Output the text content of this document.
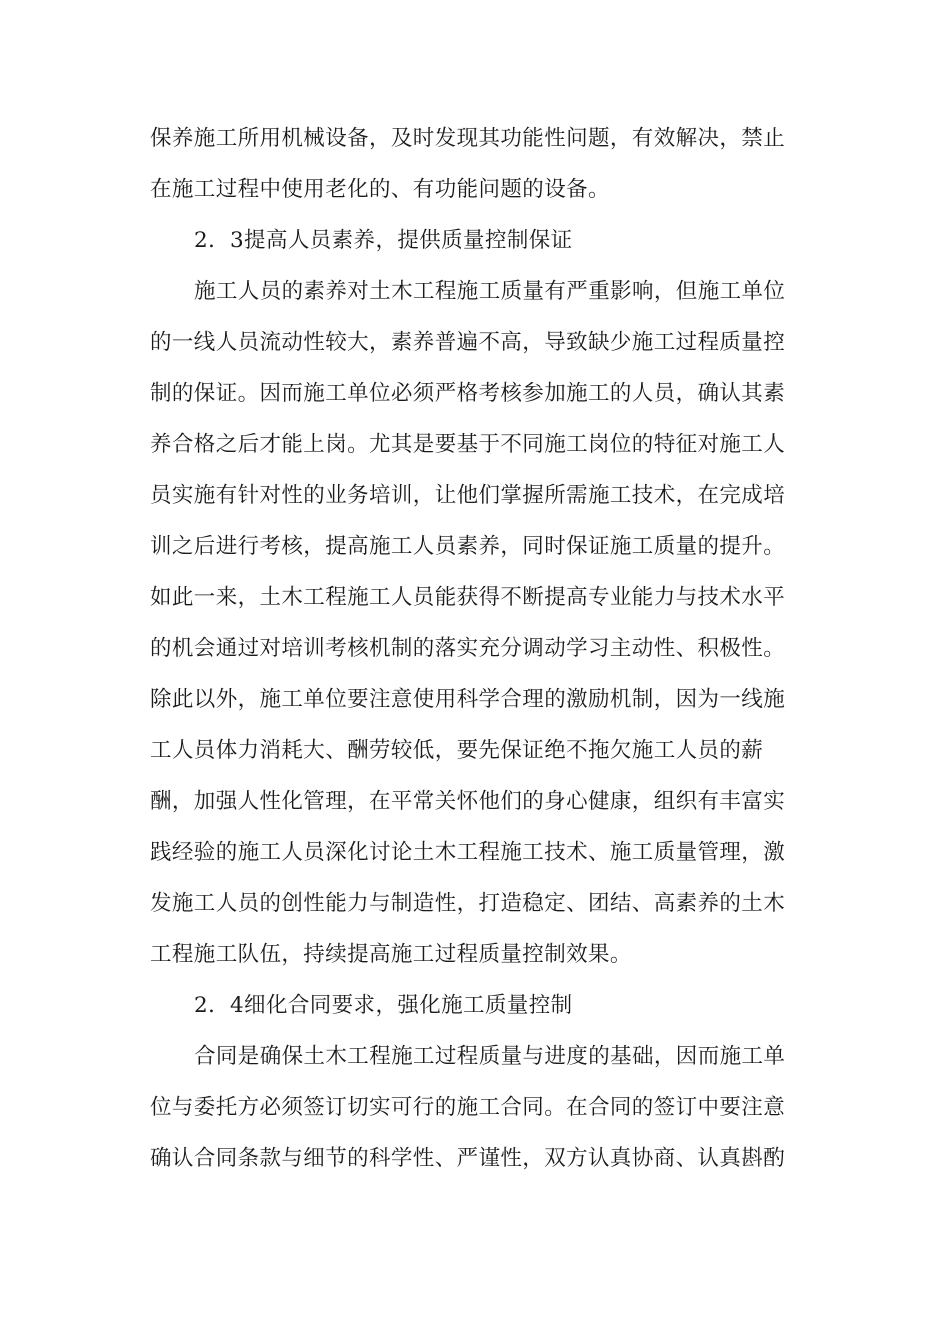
保养施工所用机械设备，及时发现其功能性问题，有效解决，禁止
在施工过程中使用老化的、有功能问题的设备。
2．3提高人员素养，提供质量控制保证
施工人员的素养对土木工程施工质量有严重影响，但施工单位
的一线人员流动性较大，素养普遍不高，导致缺少施工过程质量控
制的保证。因而施工单位必须严格考核参加施工的人员，确认其素
养合格之后才能上岗。尤其是要基于不同施工岗位的特征对施工人
员实施有针对性的业务培训，让他们掌握所需施工技术，在完成培
训之后进行考核，提高施工人员素养，同时保证施工质量的提升。
如此一来，土木工程施工人员能获得不断提高专业能力与技术水平
的机会通过对培训考核机制的落实充分调动学习主动性、积极性。
除此以外，施工单位要注意使用科学合理的激励机制，因为一线施
工人员体力消耗大、酬劳较低，要先保证绝不拖欠施工人员的薪
酬，加强人性化管理，在平常关怀他们的身心健康，组织有丰富实
践经验的施工人员深化讨论土木工程施工技术、施工质量管理，激
发施工人员的创性能力与制造性，打造稳定、团结、高素养的土木
工程施工队伍，持续提高施工过程质量控制效果。
2．4细化合同要求，强化施工质量控制
合同是确保土木工程施工过程质量与进度的基础，因而施工单
位与委托方必须签订切实可行的施工合同。在合同的签订中要注意
确认合同条款与细节的科学性、严谨性，双方认真协商、认真斟酌
